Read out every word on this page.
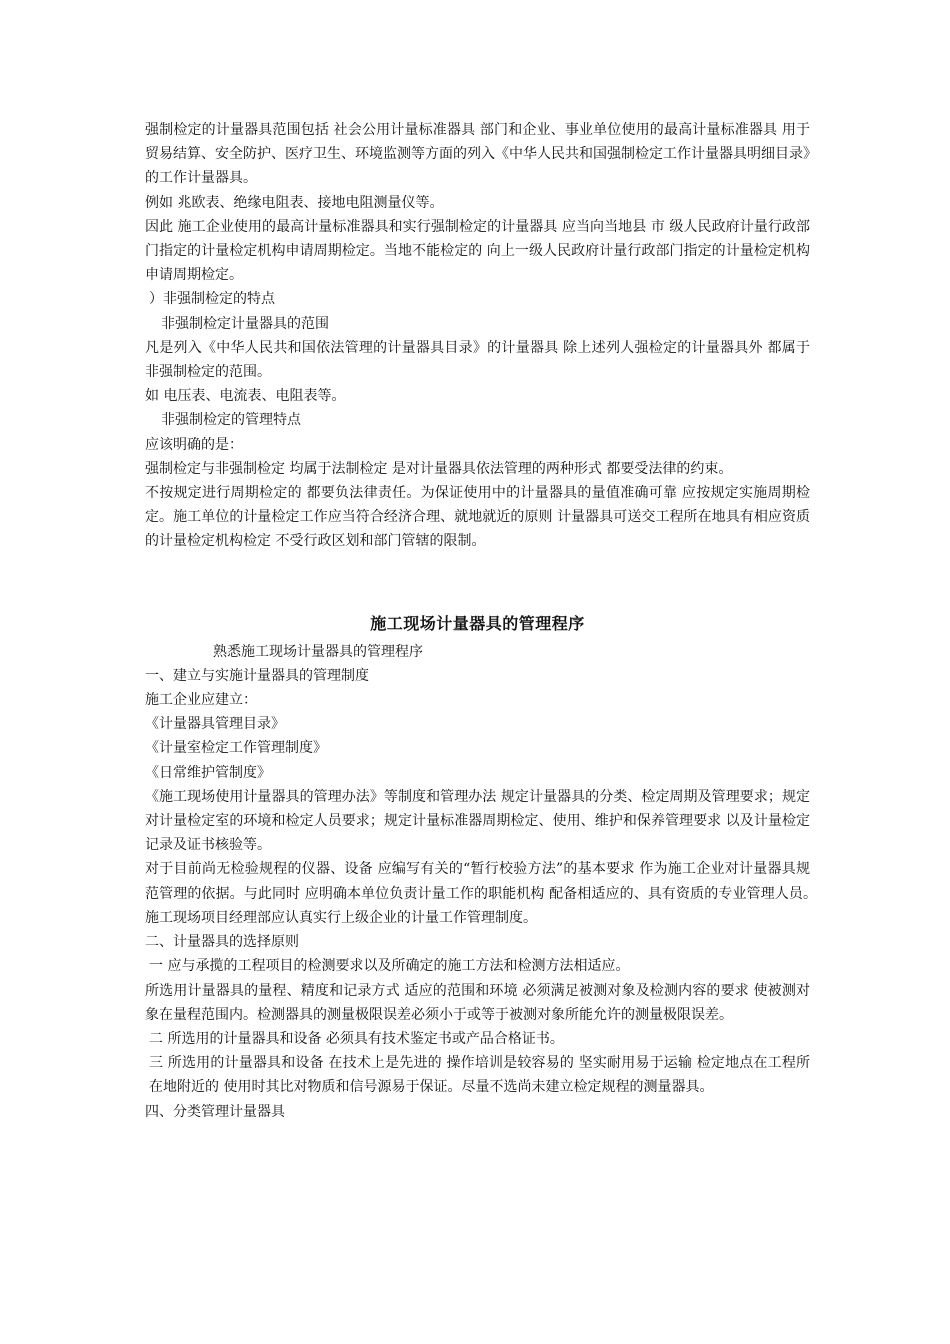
强制检定的计量器具范围包括 社会公用计量标准器具 部门和企业、事业单位使用的最高计量标准器具 用于贸易结算、安全防护、医疗卫生、环境监测等方面的列入《中华人民共和国强制检定工作计量器具明细目录》的工作计量器具。

例如 兆欧表、绝缘电阻表、接地电阻测量仪等。

因此 施工企业使用的最高计量标准器具和实行强制检定的计量器具 应当向当地县 市 级人民政府计量行政部门指定的计量检定机构申请周期检定。当地不能检定的 向上一级人民政府计量行政部门指定的计量检定机构申请周期检定。

）非强制检定的特点

非强制检定计量器具的范围

凡是列入《中华人民共和国依法管理的计量器具目录》的计量器具 除上述列人强检定的计量器具外 都属于非强制检定的范围。

如 电压表、电流表、电阻表等。

非强制检定的管理特点

应该明确的是：

强制检定与非强制检定 均属于法制检定 是对计量器具依法管理的两种形式 都要受法律的约束。

不按规定进行周期检定的 都要负法律责任。为保证使用中的计量器具的量值准确可靠 应按规定实施周期检定。施工单位的计量检定工作应当符合经济合理、就地就近的原则 计量器具可送交工程所在地具有相应资质的计量检定机构检定 不受行政区划和部门管辖的限制。

施工现场计量器具的管理程序

熟悉施工现场计量器具的管理程序

一、建立与实施计量器具的管理制度

施工企业应建立：

《计量器具管理目录》

《计量室检定工作管理制度》

《日常维护管制度》

《施工现场使用计量器具的管理办法》等制度和管理办法 规定计量器具的分类、检定周期及管理要求；规定对计量检定室的环境和检定人员要求；规定计量标准器周期检定、使用、维护和保养管理要求 以及计量检定记录及证书核验等。

对于目前尚无检验规程的仪器、设备 应编写有关的“暂行校验方法”的基本要求 作为施工企业对计量器具规范管理的依据。与此同时 应明确本单位负责计量工作的职能机构 配备相适应的、具有资质的专业管理人员。　　施工现场项目经理部应认真实行上级企业的计量工作管理制度。

二、计量器具的选择原则

一 应与承揽的工程项目的检测要求以及所确定的施工方法和检测方法相适应。

所选用计量器具的量程、精度和记录方式 适应的范围和环境 必须满足被测对象及检测内容的要求 使被测对象在量程范围内。检测器具的测量极限误差必须小于或等于被测对象所能允许的测量极限误差。

二 所选用的计量器具和设备 必须具有技术鉴定书或产品合格证书。

三 所选用的计量器具和设备 在技术上是先进的 操作培训是较容易的 坚实耐用易于运输 检定地点在工程所在地附近的 使用时其比对物质和信号源易于保证。尽量不选尚未建立检定规程的测量器具。

四、分类管理计量器具
